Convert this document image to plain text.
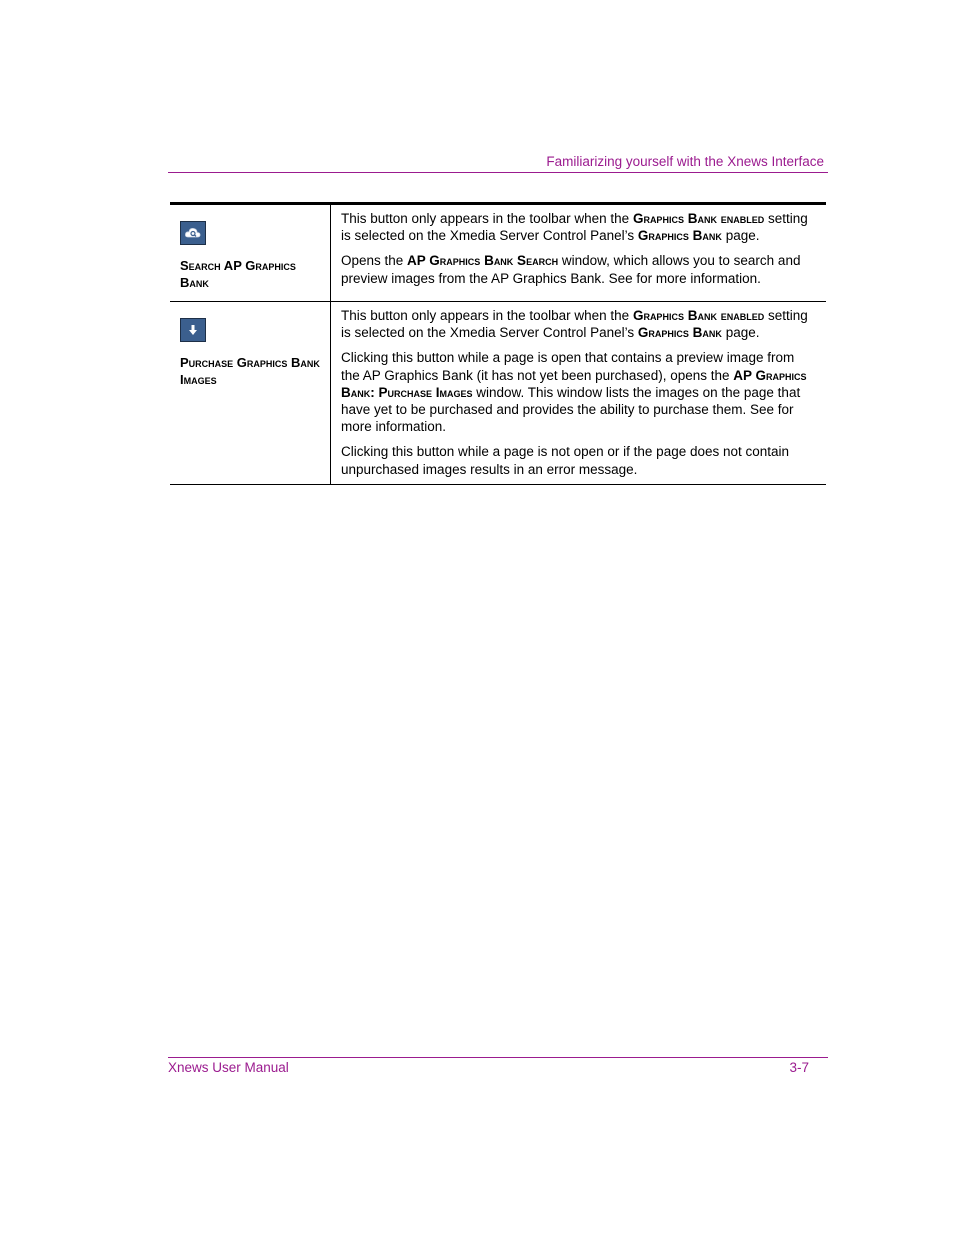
Familiarizing yourself with the Xnews Interface
Search AP Graphics Bank

This button only appears in the toolbar when the Graphics Bank enabled setting is selected on the Xmedia Server Control Panel’s Graphics Bank page.

Opens the AP Graphics Bank Search window, which allows you to search and preview images from the AP Graphics Bank. See for more information.

Purchase Graphics Bank Images

This button only appears in the toolbar when the Graphics Bank enabled setting is selected on the Xmedia Server Control Panel’s Graphics Bank page.

Clicking this button while a page is open that contains a preview image from the AP Graphics Bank (it has not yet been purchased), opens the AP Graphics Bank: Purchase Images window. This window lists the images on the page that have yet to be purchased and provides the ability to purchase them. See for more information.

Clicking this button while a page is not open or if the page does not contain unpurchased images results in an error message.

Xnews User Manual	3-7
